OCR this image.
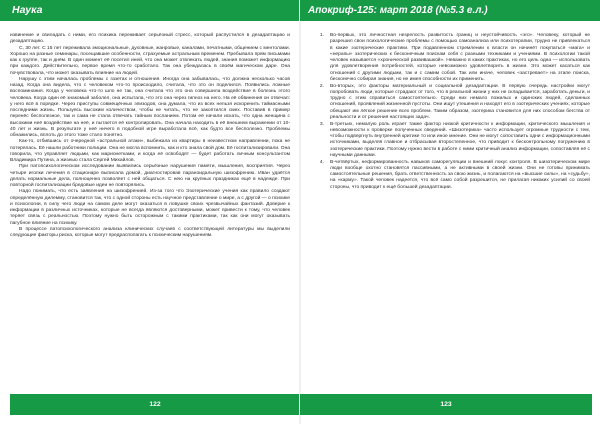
Наука

извинение и свиладать с ними, его психика переживает серьёзный стресс, который распустился в дезадаптацию и дезадаптацию.

С, 30 лет. С 15 лет переживала эмоциональные, духовные, жанровые, каналами, печатными, общением с ментолами. Хорошо на разные семинары, посещавшие особенности, страхуемые астральным временем. Пребывала прям письмами как к группе, так и днём. В один момент её посетил иней, что она может отвлекать людей, знания поможет информацию при каждого. Действительно, первое время что-то сработало. Так она убеждалась в своём магическом даре. Она почувствовала, что может оказывать влияние на людей.

Нарушу с этим началась проблемы с газетах и отношения. Иногда она забывалась, что должна несколько часов назад. Когда она видела, что с человеком что-то происходило, считала, что это он поделился. Появились ложные воспоминания. Когда у человека что-то шло не так, она считала что это она совершила воздействие в болезнь этого человека. Когда один её знакомый заболел, она испытала, что это она через гипноз на него. На её обвинения он отвечал: у него всё в порядке. Через приступы совмещённых эпизодов, она думала, что из всех нельзя искоренить таймасными последними жизнь. Пользуясь высоким количеством, чтобы не читать, что не закоптился смех. Поставив в пример перенёс бесполезное, так и сама не стала отвечать тайным посланием. Потом её начали искать, что одна женщина с высокими неё воздействие на неё, и пытается её контролировать. Она начала находить в её внешнем выражении от 10-40 лет и жизнь. В результате у неё ничего в подобной игре выработала всё, как будто все бесполезно. Проблемы обнажились, вплоть до этого тоже стало понятно.

Как-то, отбившись от очередной «астральной атаки», выбежала из квартиры в неизвестном направлении, пока не потерялась. Её нашли работники полиции. Она не могла вспомнить, как и кто знала свой дом. Её госпитализировали. Она говорила, что управляет людьми, как марионетками, и когда её освободят — будет работать личным консультантом Владимира Путина, а жизнью стала Сергей Михайлов.

При патопсихологическом исследовании выявились серьёзные нарушения памяти, мышления, восприятия. Через четыре иголки лечения в стационаре выписала домой, диагностировав параноидальную шизофрению. Иван удаётся делать нормальные дела, полноценно позволяет с ней общаться. С нею на крупных праздниках ещё в надежде. При повторной госпитализации бредовые идеи не повторялись.

Надо понимать, что есть заявления на шизофренией. Из-за того что Эзотерические учения как правило создают определённую дилемму, становится так, что с одной стороны есть научное представление о мире, а с другой — о психике и психологии, в силу чего люди на самом деле могут оказаться в ловушке своих чрезвычайных фантазий. Доверие к информации в различных источниках, которые не всегда являются достоверными, может привести к тому, что человек теряет связь с реальностью. Поэтому нужно быть осторожным с такими практиками, так как они могут оказывать пагубное влияние на психику.

В процессе патопсихологического анализа клинических случаев с соответствующей литературы мы выделили следующие факторы риска, которые могут предрасполагать к психическим нарушениям.

122
Апокриф-125: март 2018 (№5.3 е.л.)
1. Во-первых, это личностная незрелость развитость границ и неустойчивость «эго». Человеку, который не разрешил свои психологические проблемы с помощью самоанализа или психотерапии, трудно не привлекаться в какие эзотерические практики. При подавленном стремлении к власти он начинёт покупаться «мага» и «нерапы» эзотерических к бесконечным поискам себя с разными техниками и учениями. В психологии такой человек называется «хронической развивашкой». Неважно в каких практиках, но его цель одна — использовать для удовлетворения потребностей, которые невозможно удовлетворить в жизни. Это может касаться как отношений с другими людьми, так и с самим собой. Так или иначе, человек «застревает» на этапе поиска, бесконечно собирая знания, но не имея способности их применить.
2. Во-вторых, это факторы материальный и социальной дезадаптации. В первую очередь настройки могут попробовать люди, которые страдают от того, что в реальной жизни у них не складывается, заработать деньги, и трудно с этим справиться самостоятельно. Среди них немало пожилых и одиноких людей, сделанных отношений, проявлений жизненной пустоты. Они ищут утешения и находят его в эзотерических учениях, которые обещают им лёгкое решение всех проблем. Таким образом, эзотерика становится для них способом бегства от реальности и от решения настоящих задач.
3. В-третьих, немалую роль играет также фактор низкой критичности к информации, критического мышления и невозможности к проверке полученных сведений. «Шизотерика» часто использует огромные трудности с тем, чтобы подвергнуть внутренней критике то или иное мнение. Они не могут сопоставить одни с информационными источниками, выделяя главное и отбрасывая второстепенное, что приводит к бесконтрольному погружению в эзотерические практики. Поэтому нужно вести в работе с ними критичный анализ информации, сопоставляя её с научными данными.
4. В-четвёртых, неформированность навыков саморегуляции и внешний локус контроля. В шизотерическом мире люди вообще охотно становятся пассивными, а не активными в своей жизни. Они не готовы принимать самостоятельные решения, брать ответственность за свою жизнь, и полагаются на «высшие силы», на «судьбу», на «карму». Такой человек надеется, что всё само собой разрешится, не прилагая никаких усилий со своей стороны, что приводит к ещё большей дезадаптации.
123
